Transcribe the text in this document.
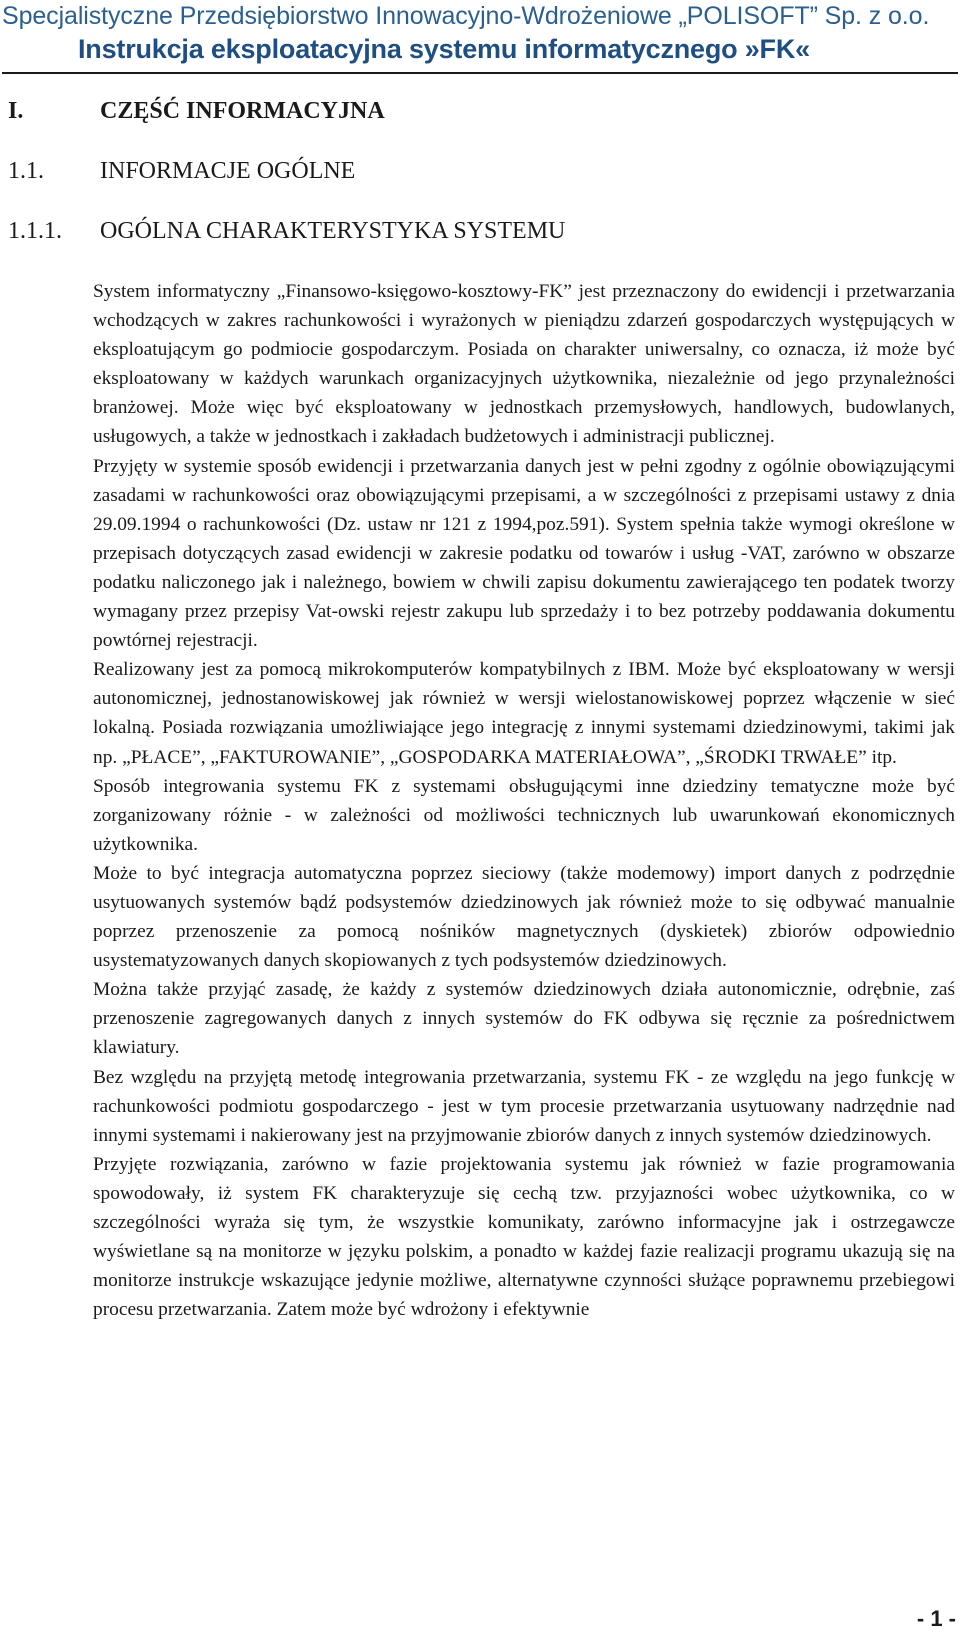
Specjalistyczne Przedsiębiorstwo Innowacyjno-Wdrożeniowe „POLISOFT” Sp. z o.o.
Instrukcja eksploatacyjna systemu informatycznego »FK«
I.	CZĘŚĆ INFORMACYJNA
1.1. INFORMACJE OGÓLNE
1.1.1. OGÓLNA CHARAKTERYSTYKA SYSTEMU

System informatyczny „Finansowo-księgowo-kosztowy-FK” jest przeznaczony do ewidencji i przetwarzania wchodzących w zakres rachunkowości i wyrażonych w pieniądzu zdarzeń gospodarczych występujących w eksploatującym go podmiocie gospodarczym. Posiada on charakter uniwersalny, co oznacza, iż może być eksploatowany w każdych warunkach organizacyjnych użytkownika, niezależnie od jego przynależności branżowej. Może więc być eksploatowany w jednostkach przemysłowych, handlowych, budowlanych, usługowych, a także w jednostkach i zakładach budżetowych i administracji publicznej.

Przyjęty w systemie sposób ewidencji i przetwarzania danych jest w pełni zgodny z ogólnie obowiązującymi zasadami w rachunkowości oraz obowiązującymi przepisami, a w szczególności z przepisami ustawy z dnia 29.09.1994 o rachunkowości (Dz. ustaw nr 121 z 1994,poz.591). System spełnia także wymogi określone w przepisach dotyczących zasad ewidencji w zakresie podatku od towarów i usług -VAT, zarówno w obszarze podatku naliczonego jak i należnego, bowiem w chwili zapisu dokumentu zawierającego ten podatek tworzy wymagany przez przepisy Vat-owski rejestr zakupu lub sprzedaży i to bez potrzeby poddawania dokumentu powtórnej rejestracji.

Realizowany jest za pomocą mikrokomputerów kompatybilnych z IBM. Może być eksploatowany w wersji autonomicznej, jednostanowiskowej jak również w wersji wielostanowiskowej poprzez włączenie w sieć lokalną. Posiada rozwiązania umożliwiające jego integrację z innymi systemami dziedzinowymi, takimi jak np. „PŁACE”, „FAKTUROWANIE”, „GOSPODARKA MATERIAŁOWA”, „ŚRODKI TRWAŁE” itp.

Sposób integrowania systemu FK z systemami obsługującymi inne dziedziny tematyczne może być zorganizowany różnie - w zależności od możliwości technicznych lub uwarunkowań ekonomicznych użytkownika.

Może to być integracja automatyczna poprzez sieciowy (także modemowy) import danych z podrzędnie usytuowanych systemów bądź podsystemów dziedzinowych jak również może to się odbywać manualnie poprzez przenoszenie za pomocą nośników magnetycznych (dyskietek) zbiorów odpowiednio usystematyzowanych danych skopiowanych z tych podsystemów dziedzinowych.

Można także przyjąć zasadę, że każdy z systemów dziedzinowych działa autonomicznie, odrębnie, zaś przenoszenie zagregowanych danych z innych systemów do FK odbywa się ręcznie za pośrednictwem klawiatury.

Bez względu na przyjętą metodę integrowania przetwarzania, systemu FK - ze względu na jego funkcję w rachunkowości podmiotu gospodarczego - jest w tym procesie przetwarzania usytuowany nadrzędnie nad innymi systemami i nakierowany jest na przyjmowanie zbiorów danych z innych systemów dziedzinowych.

Przyjęte rozwiązania, zarówno w fazie projektowania systemu jak również w fazie programowania spowodowały, iż system FK charakteryzuje się cechą tzw. przyjazności wobec użytkownika, co w szczególności wyraża się tym, że wszystkie komunikaty, zarówno informacyjne jak i ostrzegawcze wyświetlane są na monitorze w języku polskim, a ponadto w każdej fazie realizacji programu ukazują się na monitorze instrukcje wskazujące jedynie możliwe, alternatywne czynności służące poprawnemu przebiegowi procesu przetwarzania. Zatem może być wdrożony i efektywnie

- 1 -
